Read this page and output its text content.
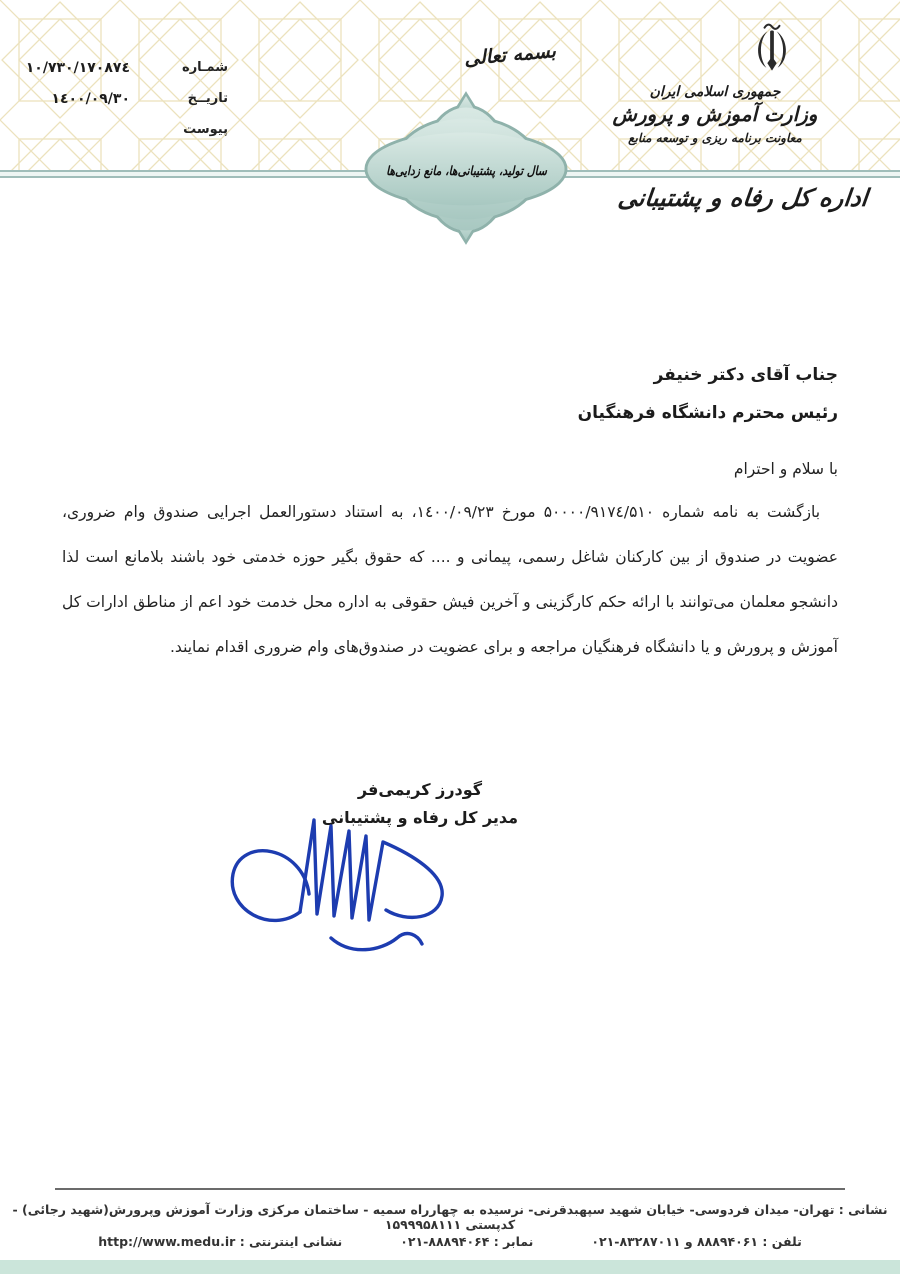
بسمه تعالی
جمهوری اسلامی ایران
وزارت آموزش و پرورش
معاونت برنامه ریزی و توسعه منابع
شمـاره
۷۳۰/۱۷۰۸۷٤/۱۰
تاریــخ
۱٤۰۰/۰۹/۳۰
پیوست
سال تولید، پشتیبانی‌ها، مانع زدایی‌ها
اداره کل رفاه و پشتیبانی
جناب آقای دکتر خنیفر
رئیس محترم دانشگاه فرهنگیان
با سلام و احترام
بازگشت به نامه شماره ۵۰۰۰۰/۹۱۷٤/۵۱۰ مورخ ۱٤۰۰/۰۹/۲۳، به استناد دستورالعمل اجرایی صندوق وام ضروری، عضویت در صندوق از بین کارکنان شاغل رسمی، پیمانی و .... که حقوق بگیر حوزه خدمتی خود باشند بلامانع است لذا دانشجو معلمان می‌توانند با ارائه حکم کارگزینی و آخرین فیش حقوقی به اداره محل خدمت خود اعم از مناطق ادارات کل آموزش و پرورش و یا دانشگاه فرهنگیان مراجعه و برای عضویت در صندوق‌های وام ضروری اقدام نمایند.
گودرز کریمی‌فر
مدیر کل رفاه و پشتیبانی
نشانی : تهران- میدان فردوسی- خیابان شهید سپهبدقرنی- نرسیده به چهارراه سمیه - ساختمان مرکزی وزارت آموزش وپرورش(شهید رجائی) - کدپستی ۱۵۹۹۹۵۸۱۱۱
تلفن : ۸۸۸۹۴۰۶۱ و ۸۳۲۸۷۰۱۱-۰۲۱
نمابر : ۸۸۸۹۴۰۶۴-۰۲۱
نشانی اینترنتی : http://www.medu.ir
